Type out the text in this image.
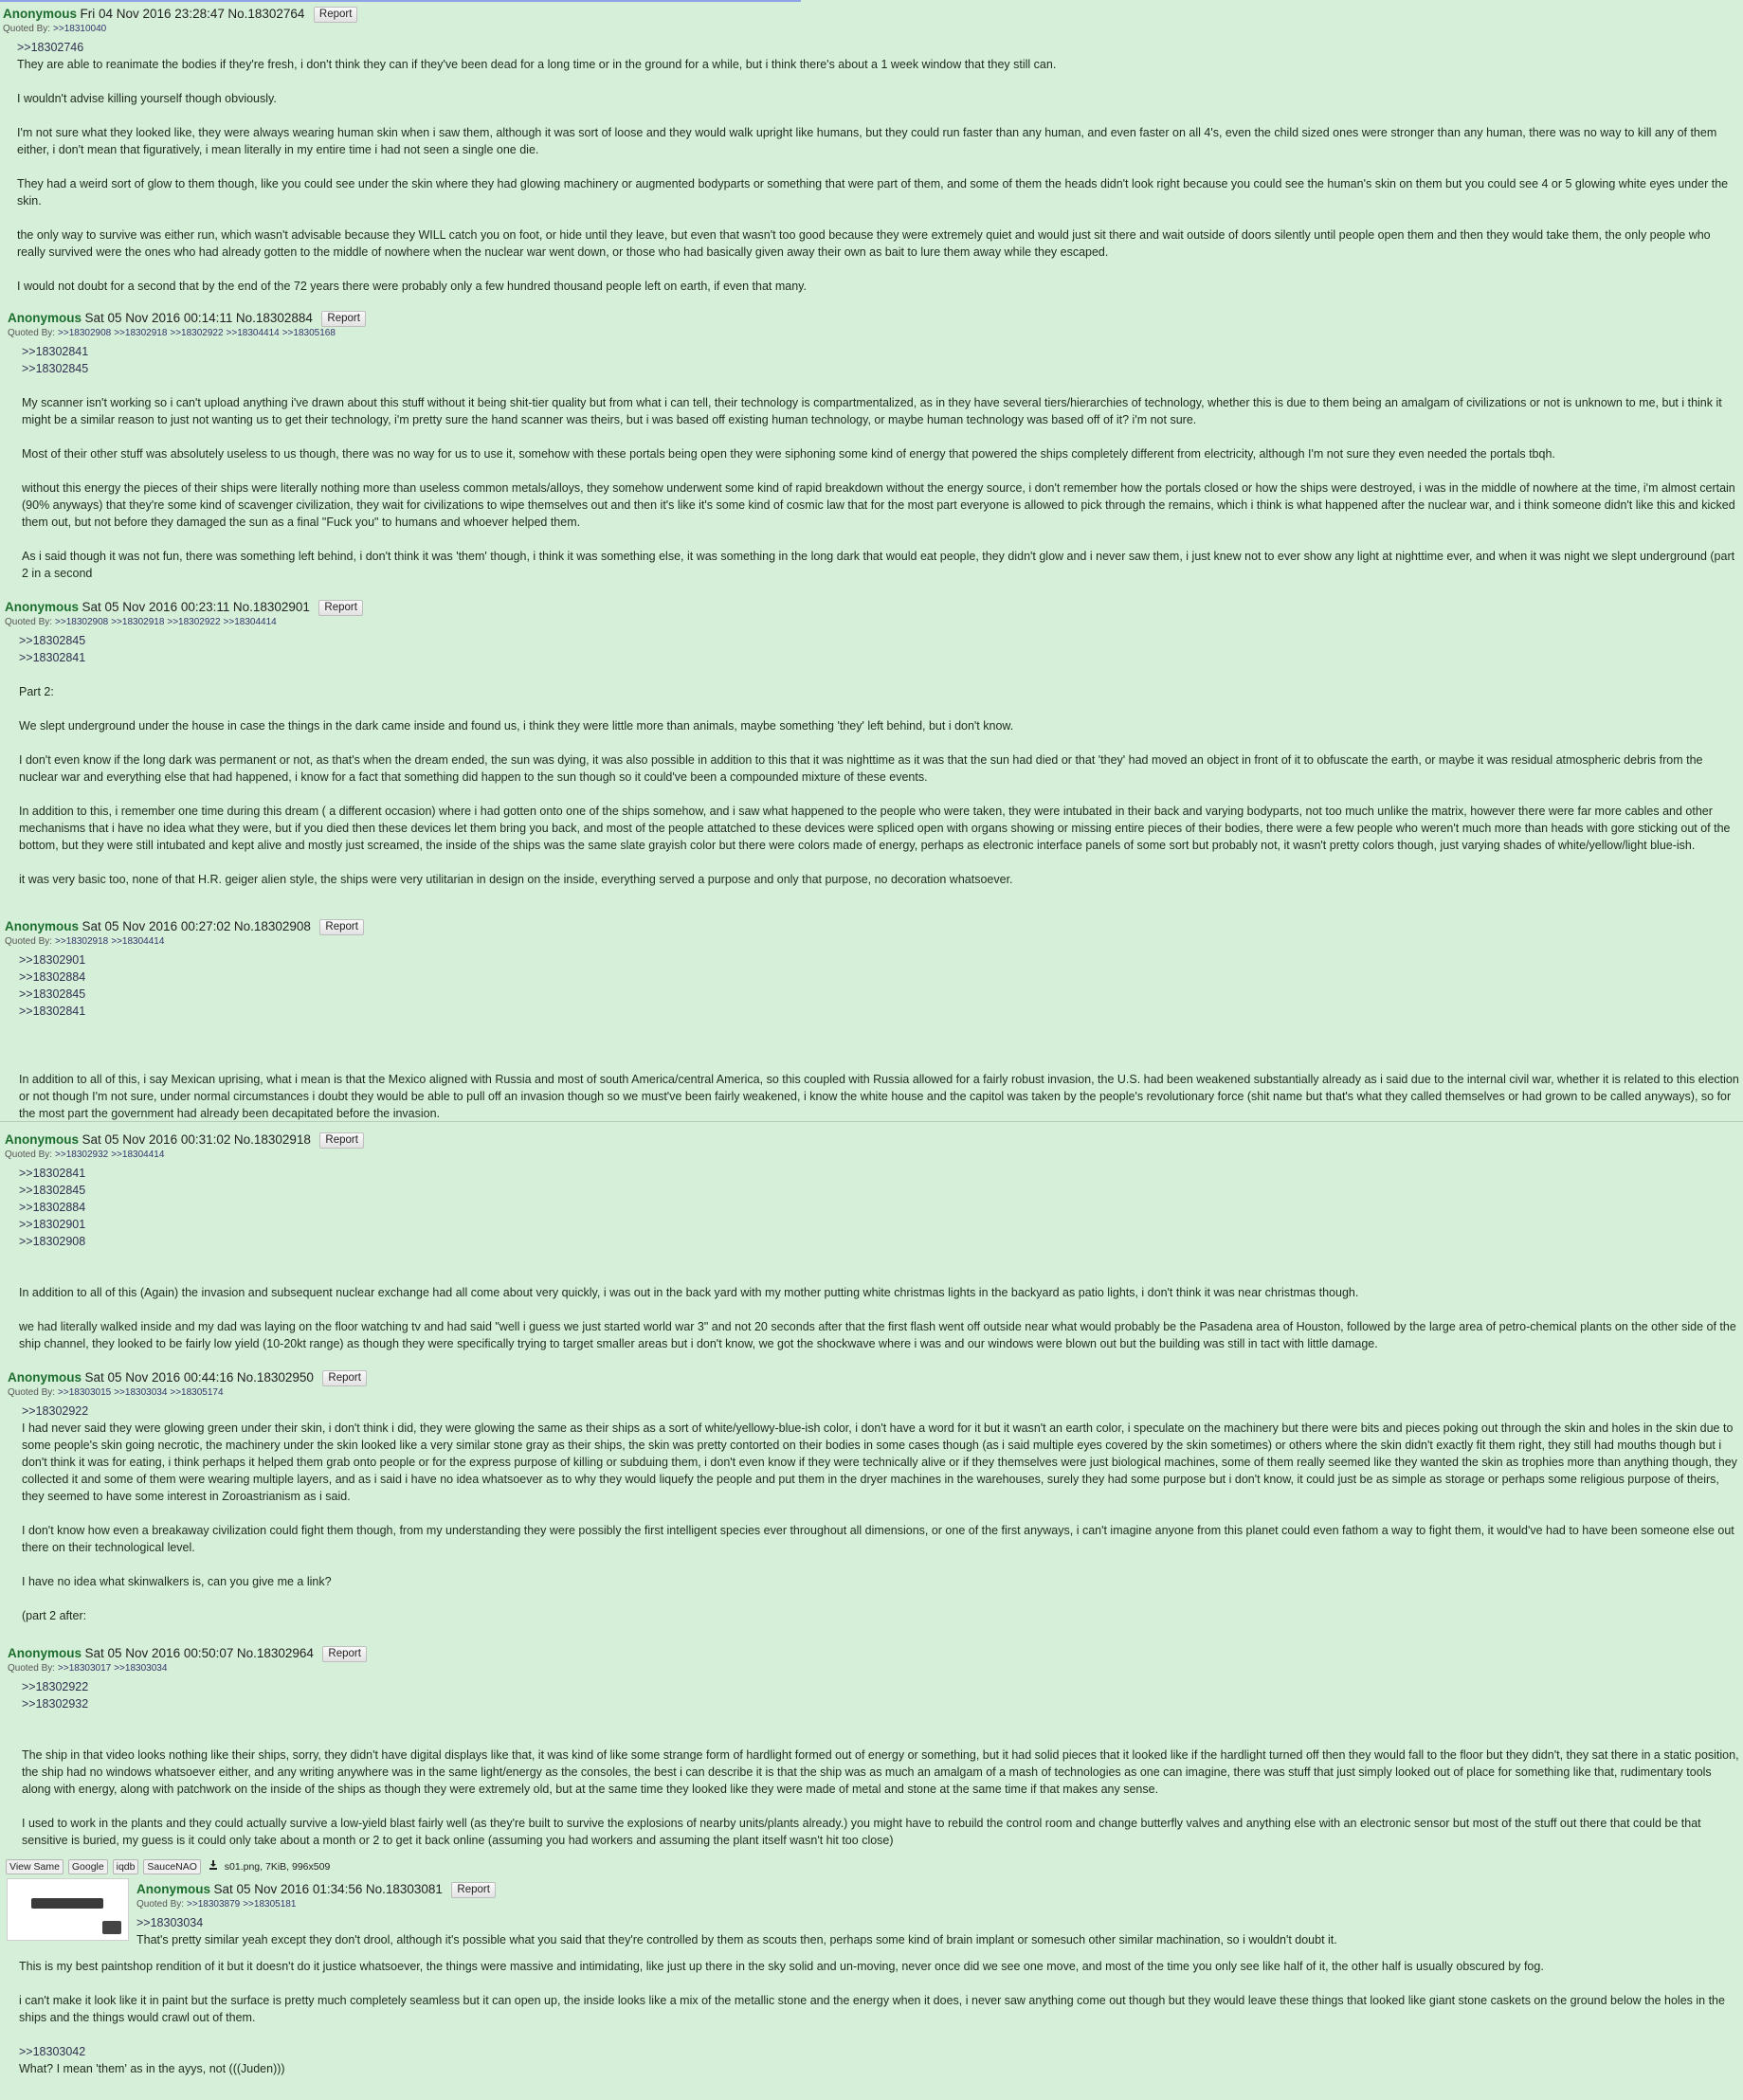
Anonymous Fri 04 Nov 2016 23:28:47 No.18302764 Report
Quoted By: >>18310040
>>18302746

They are able to reanimate the bodies if they're fresh, i don't think they can if they've been dead for a long time or in the ground for a while, but i think there's about a 1 week window that they still can.

I wouldn't advise killing yourself though obviously.

I'm not sure what they looked like, they were always wearing human skin when i saw them, although it was sort of loose and they would walk upright like humans, but they could run faster than any human, and even faster on all 4's, even the child sized ones were stronger than any human, there was no way to kill any of them either, i don't mean that figuratively, i mean literally in my entire time i had not seen a single one die.

They had a weird sort of glow to them though, like you could see under the skin where they had glowing machinery or augmented bodyparts or something that were part of them, and some of them the heads didn't look right because you could see the human's skin on them but you could see 4 or 5 glowing white eyes under the skin.

the only way to survive was either run, which wasn't advisable because they WILL catch you on foot, or hide until they leave, but even that wasn't too good because they were extremely quiet and would just sit there and wait outside of doors silently until people open them and then they would take them, the only people who really survived were the ones who had already gotten to the middle of nowhere when the nuclear war went down, or those who had basically given away their own as bait to lure them away while they escaped.

I would not doubt for a second that by the end of the 72 years there were probably only a few hundred thousand people left on earth, if even that many.

Anonymous Sat 05 Nov 2016 00:14:11 No.18302884 Report
Quoted By: >>18302908 >>18302918 >>18302922 >>18304414 >>18305168
>>18302841
>>18302845

My scanner isn't working so i can't upload anything i've drawn about this stuff without it being shit-tier quality but from what i can tell, their technology is compartmentalized, as in they have several tiers/hierarchies of technology, whether this is due to them being an amalgam of civilizations or not is unknown to me, but i think it might be a similar reason to just not wanting us to get their technology, i'm pretty sure the hand scanner was theirs, but i was based off existing human technology, or maybe human technology was based off of it? i'm not sure.

Most of their other stuff was absolutely useless to us though, there was no way for us to use it, somehow with these portals being open they were siphoning some kind of energy that powered the ships completely different from electricity, although I'm not sure they even needed the portals tbqh.

without this energy the pieces of their ships were literally nothing more than useless common metals/alloys, they somehow underwent some kind of rapid breakdown without the energy source, i don't remember how the portals closed or how the ships were destroyed, i was in the middle of nowhere at the time, i'm almost certain (90% anyways) that they're some kind of scavenger civilization, they wait for civilizations to wipe themselves out and then it's like it's some kind of cosmic law that for the most part everyone is allowed to pick through the remains, which i think is what happened after the nuclear war, and i think someone didn't like this and kicked them out, but not before they damaged the sun as a final "Fuck you" to humans and whoever helped them.

As i said though it was not fun, there was something left behind, i don't think it was 'them' though, i think it was something else, it was something in the long dark that would eat people, they didn't glow and i never saw them, i just knew not to ever show any light at nighttime ever, and when it was night we slept underground (part 2 in a second

Anonymous Sat 05 Nov 2016 00:23:11 No.18302901 Report
Quoted By: >>18302908 >>18302918 >>18302922 >>18304414
>>18302845
>>18302841

Part 2:

We slept underground under the house in case the things in the dark came inside and found us, i think they were little more than animals, maybe something 'they' left behind, but i don't know.

I don't even know if the long dark was permanent or not, as that's when the dream ended, the sun was dying, it was also possible in addition to this that it was nighttime as it was that the sun had died or that 'they' had moved an object in front of it to obfuscate the earth, or maybe it was residual atmospheric debris from the nuclear war and everything else that had happened, i know for a fact that something did happen to the sun though so it could've been a compounded mixture of these events.

In addition to this, i remember one time during this dream ( a different occasion) where i had gotten onto one of the ships somehow, and i saw what happened to the people who were taken, they were intubated in their back and varying bodyparts, not too much unlike the matrix, however there were far more cables and other mechanisms that i have no idea what they were, but if you died then these devices let them bring you back, and most of the people attatched to these devices were spliced open with organs showing or missing entire pieces of their bodies, there were a few people who weren't much more than heads with gore sticking out of the bottom, but they were still intubated and kept alive and mostly just screamed, the inside of the ships was the same slate grayish color but there were colors made of energy, perhaps as electronic interface panels of some sort but probably not, it wasn't pretty colors though, just varying shades of white/yellow/light blue-ish.

it was very basic too, none of that H.R. geiger alien style, the ships were very utilitarian in design on the inside, everything served a purpose and only that purpose, no decoration whatsoever.

Anonymous Sat 05 Nov 2016 00:27:02 No.18302908 Report
Quoted By: >>18302918 >>18304414
>>18302901
>>18302884
>>18302845
>>18302841

In addition to all of this, i say Mexican uprising, what i mean is that the Mexico aligned with Russia and most of south America/central America, so this coupled with Russia allowed for a fairly robust invasion, the U.S. had been weakened substantially already as i said due to the internal civil war, whether it is related to this election or not though I'm not sure, under normal circumstances i doubt they would be able to pull off an invasion though so we must've been fairly weakened, i know the white house and the capitol was taken by the people's revolutionary force (shit name but that's what they called themselves or had grown to be called anyways), so for the most part the government had already been decapitated before the invasion.

Anonymous Sat 05 Nov 2016 00:31:02 No.18302918 Report
Quoted By: >>18302932 >>18304414
>>18302841
>>18302845
>>18302884
>>18302901
>>18302908

In addition to all of this (Again) the invasion and subsequent nuclear exchange had all come about very quickly, i was out in the back yard with my mother putting white christmas lights in the backyard as patio lights, i don't think it was near christmas though.

we had literally walked inside and my dad was laying on the floor watching tv and had said "well i guess we just started world war 3" and not 20 seconds after that the first flash went off outside near what would probably be the Pasadena area of Houston, followed by the large area of petro-chemical plants on the other side of the ship channel, they looked to be fairly low yield (10-20kt range) as though they were specifically trying to target smaller areas but i don't know, we got the shockwave where i was and our windows were blown out but the building was still in tact with little damage.

Anonymous Sat 05 Nov 2016 00:44:16 No.18302950 Report
Quoted By: >>18303015 >>18303034 >>18305174
>>18302922

I had never said they were glowing green under their skin, i don't think i did, they were glowing the same as their ships as a sort of white/yellowy-blue-ish color, i don't have a word for it but it wasn't an earth color, i speculate on the machinery but there were bits and pieces poking out through the skin and holes in the skin due to some people's skin going necrotic, the machinery under the skin looked like a very similar stone gray as their ships, the skin was pretty contorted on their bodies in some cases though (as i said multiple eyes covered by the skin sometimes) or others where the skin didn't exactly fit them right, they still had mouths though but i don't think it was for eating, i think perhaps it helped them grab onto people or for the express purpose of killing or subduing them, i don't even know if they were technically alive or if they themselves were just biological machines, some of them really seemed like they wanted the skin as trophies more than anything though, they collected it and some of them were wearing multiple layers, and as i said i have no idea whatsoever as to why they would liquefy the people and put them in the dryer machines in the warehouses, surely they had some purpose but i don't know, it could just be as simple as storage or perhaps some religious purpose of theirs, they seemed to have some interest in Zoroastrianism as i said.

I don't know how even a breakaway civilization could fight them though, from my understanding they were possibly the first intelligent species ever throughout all dimensions, or one of the first anyways, i can't imagine anyone from this planet could even fathom a way to fight them, it would've had to have been someone else out there on their technological level.

I have no idea what skinwalkers is, can you give me a link?

(part 2 after:

Anonymous Sat 05 Nov 2016 00:50:07 No.18302964 Report
Quoted By: >>18303017 >>18303034
>>18302922
>>18302932

The ship in that video looks nothing like their ships, sorry, they didn't have digital displays like that, it was kind of like some strange form of hardlight formed out of energy or something, but it had solid pieces that it looked like if the hardlight turned off then they would fall to the floor but they didn't, they sat there in a static position, the ship had no windows whatsoever either, and any writing anywhere was in the same light/energy as the consoles, the best i can describe it is that the ship was as much an amalgam of a mash of technologies as one can imagine, there was stuff that just simply looked out of place for something like that, rudimentary tools along with energy, along with patchwork on the inside of the ships as though they were extremely old, but at the same time they looked like they were made of metal and stone at the same time if that makes any sense.

I used to work in the plants and they could actually survive a low-yield blast fairly well (as they're built to survive the explosions of nearby units/plants already.) you might have to rebuild the control room and change butterfly valves and anything else with an electronic sensor but most of the stuff out there that could be that sensitive is buried, my guess is it could only take about a month or 2 to get it back online (assuming you had workers and assuming the plant itself wasn't hit too close)

View Same Google iqdb SauceNAO	s01.png, 7KiB, 996x509
Anonymous Sat 05 Nov 2016 01:34:56 No.18303081 Report
Quoted By: >>18303879 >>18305181
>>18303034

That's pretty similar yeah except they don't drool, although it's possible what you said that they're controlled by them as scouts then, perhaps some kind of brain implant or somesuch other similar machination, so i wouldn't doubt it.

This is my best paintshop rendition of it but it doesn't do it justice whatsoever, the things were massive and intimidating, like just up there in the sky solid and un-moving, never once did we see one move, and most of the time you only see like half of it, the other half is usually obscured by fog.

i can't make it look like it in paint but the surface is pretty much completely seamless but it can open up, the inside looks like a mix of the metallic stone and the energy when it does, i never saw anything come out though but they would leave these things that looked like giant stone caskets on the ground below the holes in the ships and the things would crawl out of them.

>>18303042

What? I mean 'them' as in the ayys, not (((Juden)))
